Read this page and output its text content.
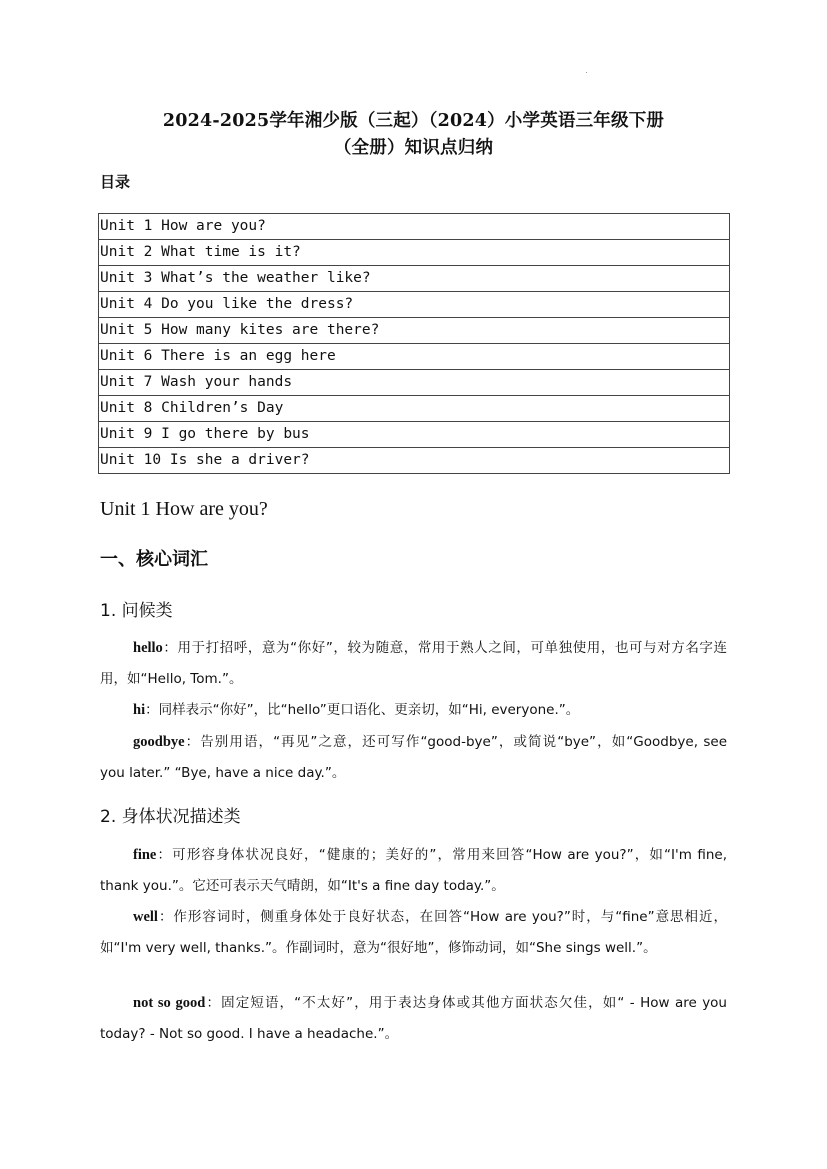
2024-2025学年湘少版（三起）（2024）小学英语三年级下册
（全册）知识点归纳
目录
Unit 1 How are you?
Unit 2 What time is it?
Unit 3 What’s the weather like?
Unit 4 Do you like the dress?
Unit 5 How many kites are there?
Unit 6 There is an egg here
Unit 7 Wash your hands
Unit 8 Children’s Day
Unit 9 I go there by bus
Unit 10 Is she a driver?
Unit 1 How are you?
一、核心词汇
1. 问候类
hello：用于打招呼，意为“你好”，较为随意，常用于熟人之间，可单独使用，也可与对方名字连用，如“Hello, Tom.”。
hi：同样表示“你好”，比“hello”更口语化、更亲切，如“Hi, everyone.”。
goodbye：告别用语，“再见”之意，还可写作“good-bye”，或简说“bye”，如“Goodbye, see you later.” “Bye, have a nice day.”。
2. 身体状况描述类
fine：可形容身体状况良好，“健康的；美好的”，常用来回答“How are you?”，如“I'm fine, thank you.”。它还可表示天气晴朗，如“It's a fine day today.”。
well：作形容词时，侧重身体处于良好状态，在回答“How are you?”时，与“fine”意思相近，如“I'm very well, thanks.”。作副词时，意为“很好地”，修饰动词，如“She sings well.”。
not so good：固定短语，“不太好”，用于表达身体或其他方面状态欠佳，如“ - How are you today? - Not so good. I have a headache.”。
